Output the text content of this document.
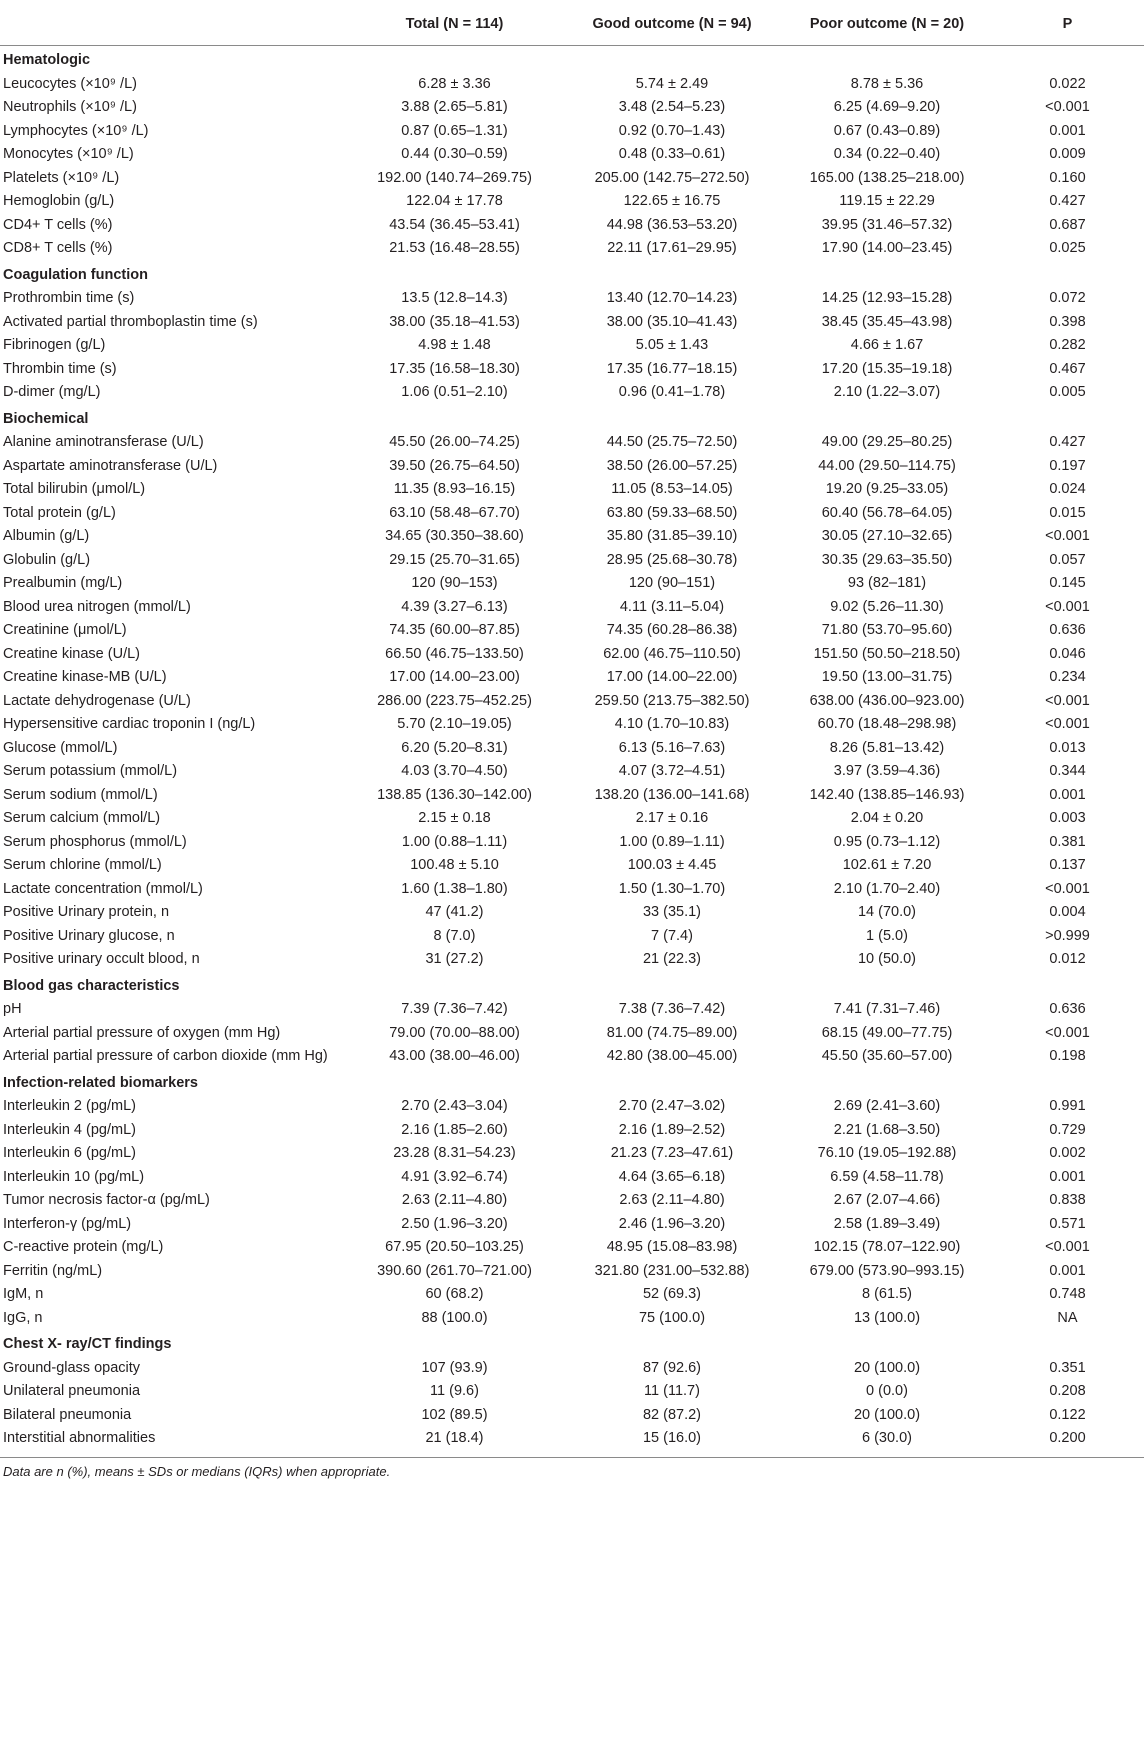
	Total (N = 114)	Good outcome (N = 94)	Poor outcome (N = 20)	P
Hematologic				
Leucocytes (×10⁹ /L)	6.28 ± 3.36	5.74 ± 2.49	8.78 ± 5.36	0.022
Neutrophils (×10⁹ /L)	3.88 (2.65–5.81)	3.48 (2.54–5.23)	6.25 (4.69–9.20)	<0.001
Lymphocytes (×10⁹ /L)	0.87 (0.65–1.31)	0.92 (0.70–1.43)	0.67 (0.43–0.89)	0.001
Monocytes (×10⁹ /L)	0.44 (0.30–0.59)	0.48 (0.33–0.61)	0.34 (0.22–0.40)	0.009
Platelets (×10⁹ /L)	192.00 (140.74–269.75)	205.00 (142.75–272.50)	165.00 (138.25–218.00)	0.160
Hemoglobin (g/L)	122.04 ± 17.78	122.65 ± 16.75	119.15 ± 22.29	0.427
CD4+ T cells (%)	43.54 (36.45–53.41)	44.98 (36.53–53.20)	39.95 (31.46–57.32)	0.687
CD8+ T cells (%)	21.53 (16.48–28.55)	22.11 (17.61–29.95)	17.90 (14.00–23.45)	0.025
Coagulation function				
Prothrombin time (s)	13.5 (12.8–14.3)	13.40 (12.70–14.23)	14.25 (12.93–15.28)	0.072
Activated partial thromboplastin time (s)	38.00 (35.18–41.53)	38.00 (35.10–41.43)	38.45 (35.45–43.98)	0.398
Fibrinogen (g/L)	4.98 ± 1.48	5.05 ± 1.43	4.66 ± 1.67	0.282
Thrombin time (s)	17.35 (16.58–18.30)	17.35 (16.77–18.15)	17.20 (15.35–19.18)	0.467
D-dimer (mg/L)	1.06 (0.51–2.10)	0.96 (0.41–1.78)	2.10 (1.22–3.07)	0.005
Biochemical				
Alanine aminotransferase (U/L)	45.50 (26.00–74.25)	44.50 (25.75–72.50)	49.00 (29.25–80.25)	0.427
Aspartate aminotransferase (U/L)	39.50 (26.75–64.50)	38.50 (26.00–57.25)	44.00 (29.50–114.75)	0.197
Total bilirubin (μmol/L)	11.35 (8.93–16.15)	11.05 (8.53–14.05)	19.20 (9.25–33.05)	0.024
Total protein (g/L)	63.10 (58.48–67.70)	63.80 (59.33–68.50)	60.40 (56.78–64.05)	0.015
Albumin (g/L)	34.65 (30.350–38.60)	35.80 (31.85–39.10)	30.05 (27.10–32.65)	<0.001
Globulin (g/L)	29.15 (25.70–31.65)	28.95 (25.68–30.78)	30.35 (29.63–35.50)	0.057
Prealbumin (mg/L)	120 (90–153)	120 (90–151)	93 (82–181)	0.145
Blood urea nitrogen (mmol/L)	4.39 (3.27–6.13)	4.11 (3.11–5.04)	9.02 (5.26–11.30)	<0.001
Creatinine (μmol/L)	74.35 (60.00–87.85)	74.35 (60.28–86.38)	71.80 (53.70–95.60)	0.636
Creatine kinase (U/L)	66.50 (46.75–133.50)	62.00 (46.75–110.50)	151.50 (50.50–218.50)	0.046
Creatine kinase-MB (U/L)	17.00 (14.00–23.00)	17.00 (14.00–22.00)	19.50 (13.00–31.75)	0.234
Lactate dehydrogenase (U/L)	286.00 (223.75–452.25)	259.50 (213.75–382.50)	638.00 (436.00–923.00)	<0.001
Hypersensitive cardiac troponin I (ng/L)	5.70 (2.10–19.05)	4.10 (1.70–10.83)	60.70 (18.48–298.98)	<0.001
Glucose (mmol/L)	6.20 (5.20–8.31)	6.13 (5.16–7.63)	8.26 (5.81–13.42)	0.013
Serum potassium (mmol/L)	4.03 (3.70–4.50)	4.07 (3.72–4.51)	3.97 (3.59–4.36)	0.344
Serum sodium (mmol/L)	138.85 (136.30–142.00)	138.20 (136.00–141.68)	142.40 (138.85–146.93)	0.001
Serum calcium (mmol/L)	2.15 ± 0.18	2.17 ± 0.16	2.04 ± 0.20	0.003
Serum phosphorus (mmol/L)	1.00 (0.88–1.11)	1.00 (0.89–1.11)	0.95 (0.73–1.12)	0.381
Serum chlorine (mmol/L)	100.48 ± 5.10	100.03 ± 4.45	102.61 ± 7.20	0.137
Lactate concentration (mmol/L)	1.60 (1.38–1.80)	1.50 (1.30–1.70)	2.10 (1.70–2.40)	<0.001
Positive Urinary protein, n	47 (41.2)	33 (35.1)	14 (70.0)	0.004
Positive Urinary glucose, n	8 (7.0)	7 (7.4)	1 (5.0)	>0.999
Positive urinary occult blood, n	31 (27.2)	21 (22.3)	10 (50.0)	0.012
Blood gas characteristics				
pH	7.39 (7.36–7.42)	7.38 (7.36–7.42)	7.41 (7.31–7.46)	0.636
Arterial partial pressure of oxygen (mm Hg)	79.00 (70.00–88.00)	81.00 (74.75–89.00)	68.15 (49.00–77.75)	<0.001
Arterial partial pressure of carbon dioxide (mm Hg)	43.00 (38.00–46.00)	42.80 (38.00–45.00)	45.50 (35.60–57.00)	0.198
Infection-related biomarkers				
Interleukin 2 (pg/mL)	2.70 (2.43–3.04)	2.70 (2.47–3.02)	2.69 (2.41–3.60)	0.991
Interleukin 4 (pg/mL)	2.16 (1.85–2.60)	2.16 (1.89–2.52)	2.21 (1.68–3.50)	0.729
Interleukin 6 (pg/mL)	23.28 (8.31–54.23)	21.23 (7.23–47.61)	76.10 (19.05–192.88)	0.002
Interleukin 10 (pg/mL)	4.91 (3.92–6.74)	4.64 (3.65–6.18)	6.59 (4.58–11.78)	0.001
Tumor necrosis factor-α (pg/mL)	2.63 (2.11–4.80)	2.63 (2.11–4.80)	2.67 (2.07–4.66)	0.838
Interferon-γ (pg/mL)	2.50 (1.96–3.20)	2.46 (1.96–3.20)	2.58 (1.89–3.49)	0.571
C-reactive protein (mg/L)	67.95 (20.50–103.25)	48.95 (15.08–83.98)	102.15 (78.07–122.90)	<0.001
Ferritin (ng/mL)	390.60 (261.70–721.00)	321.80 (231.00–532.88)	679.00 (573.90–993.15)	0.001
IgM, n	60 (68.2)	52 (69.3)	8 (61.5)	0.748
IgG, n	88 (100.0)	75 (100.0)	13 (100.0)	NA
Chest X- ray/CT findings				
Ground-glass opacity	107 (93.9)	87 (92.6)	20 (100.0)	0.351
Unilateral pneumonia	11 (9.6)	11 (11.7)	0 (0.0)	0.208
Bilateral pneumonia	102 (89.5)	82 (87.2)	20 (100.0)	0.122
Interstitial abnormalities	21 (18.4)	15 (16.0)	6 (30.0)	0.200
Data are n (%), means ± SDs or medians (IQRs) when appropriate.
